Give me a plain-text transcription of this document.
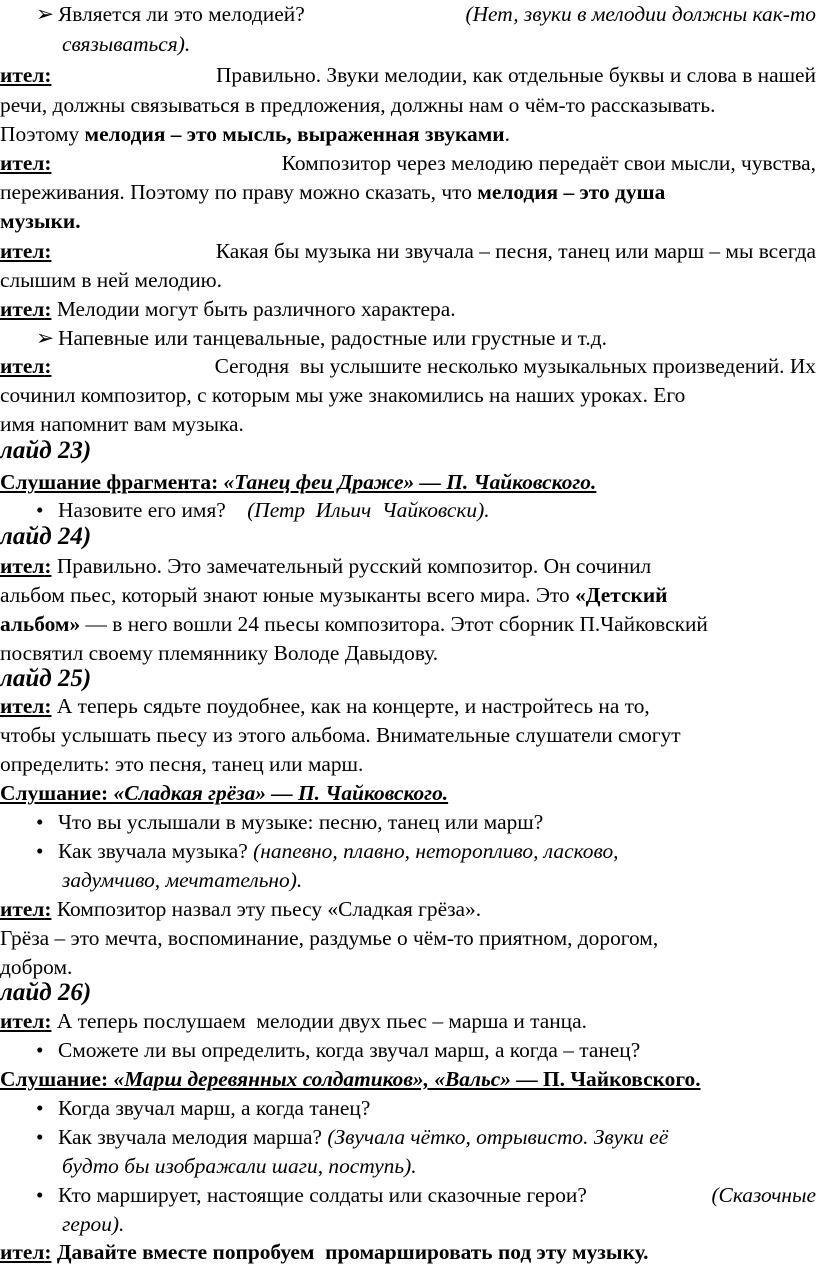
➢ Является ли это мелодией?	(Нет, звуки в мелодии должны как-то
связываться).
ител:	Правильно. Звуки мелодии, как отдельные буквы и слова в нашей
речи, должны связываться в предложения, должны нам о чём-то рассказывать.
Поэтому мелодия – это мысль, выраженная звуками.
ител:	Композитор через мелодию передаёт свои мысли, чувства,
переживания. Поэтому по праву можно сказать, что мелодия – это душа
музыки.
ител:	Какая бы музыка ни звучала – песня, танец или марш – мы всегда
слышим в ней мелодию.
ител: Мелодии могут быть различного характера.
➢ Напевные или танцевальные, радостные или грустные и т.д.
ител:	Сегодня  вы услышите несколько музыкальных произведений. Их
сочинил композитор, с которым мы уже знакомились на наших уроках. Его
имя напомнит вам музыка.
лайд 23)
Слушание фрагмента: «Танец феи Драже» — П. Чайковского.
• Назовите его имя? (Петр  Ильич  Чайковски).
лайд 24)
ител: Правильно. Это замечательный русский композитор. Он сочинил
альбом пьес, который знают юные музыканты всего мира. Это «Детский
альбом» — в него вошли 24 пьесы композитора. Этот сборник П.Чайковский
посвятил своему племяннику Володе Давыдову.
лайд 25)
ител: А теперь сядьте поудобнее, как на концерте, и настройтесь на то,
чтобы услышать пьесу из этого альбома. Внимательные слушатели смогут
определить: это песня, танец или марш.
Слушание: «Сладкая грёза» — П. Чайковского.
• Что вы услышали в музыке: песню, танец или марш?
• Как звучала музыка? (напевно, плавно, неторопливо, ласково,
задумчиво, мечтательно).
ител: Композитор назвал эту пьесу «Сладкая грёза».
Грёза – это мечта, воспоминание, раздумье о чём-то приятном, дорогом,
добром.
лайд 26)
ител: А теперь послушаем  мелодии двух пьес – марша и танца.
• Сможете ли вы определить, когда звучал марш, а когда – танец?
Слушание: «Марш деревянных солдатиков», «Вальс» — П. Чайковского.
• Когда звучал марш, а когда танец?
• Как звучала мелодия марша? (Звучала чётко, отрывисто. Звуки её
будто бы изображали шаги, поступь).
• Кто марширует, настоящие солдаты или сказочные герои?	(Сказочные
герои).
ител: Давайте вместе попробуем  промаршировать под эту музыку.
